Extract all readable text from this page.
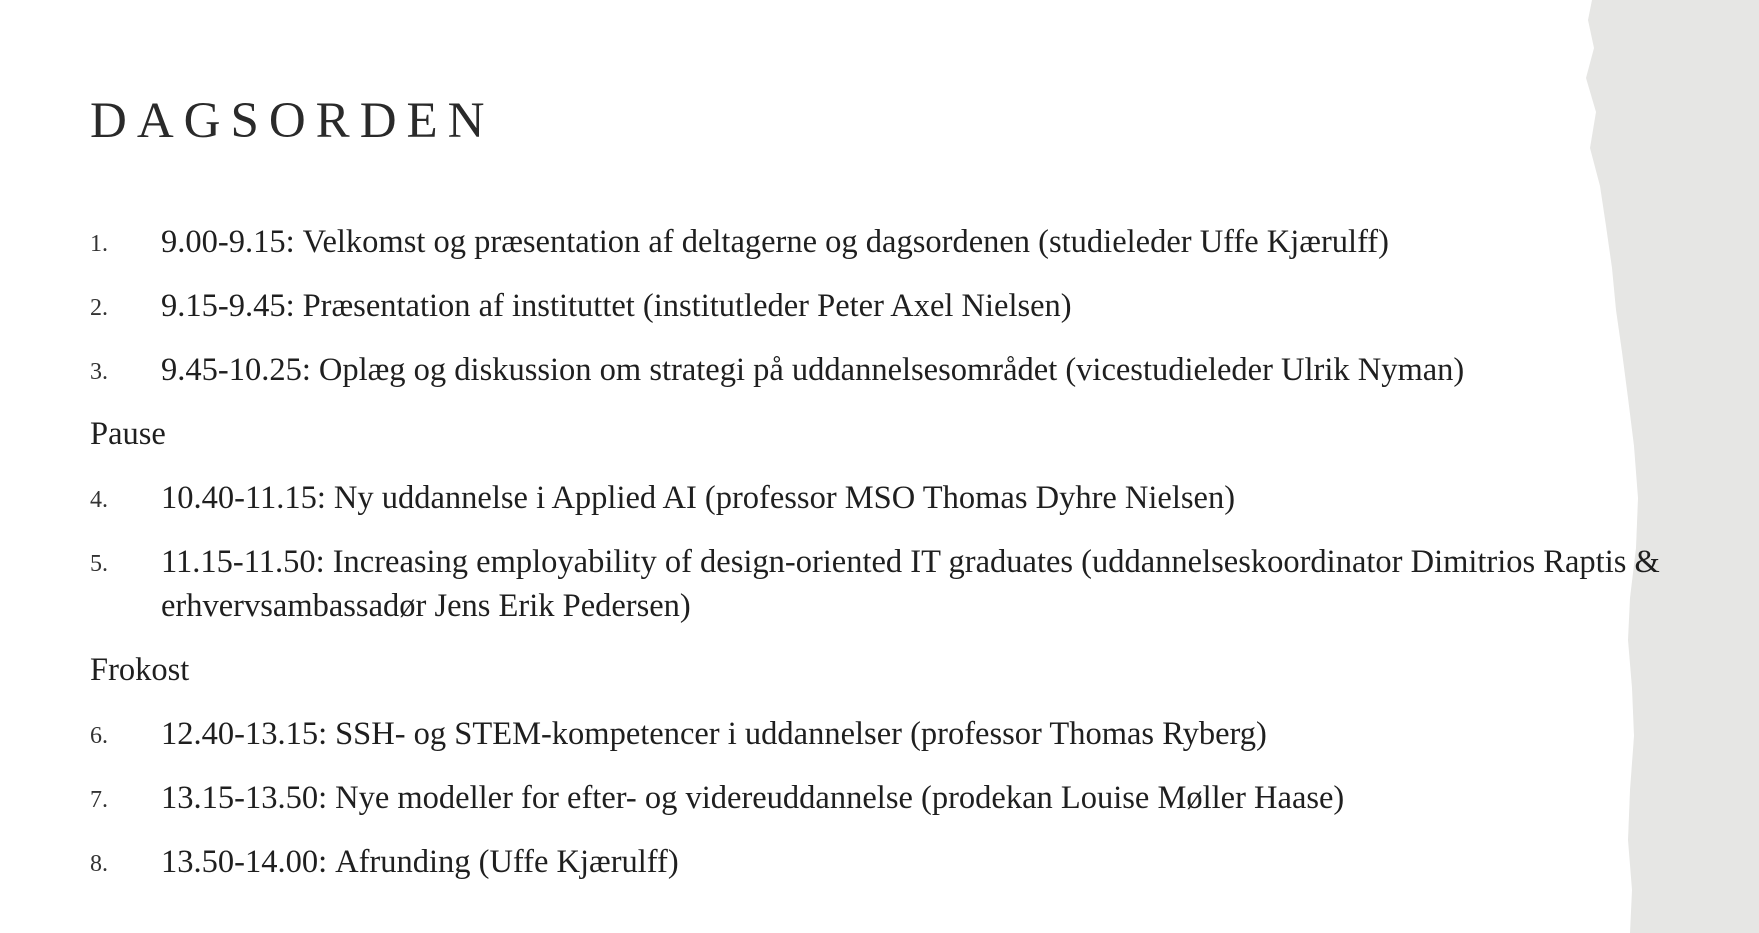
DAGSORDEN
1. 9.00-9.15: Velkomst og præsentation af deltagerne og dagsordenen (studieleder Uffe Kjærulff)
2. 9.15-9.45: Præsentation af instituttet (institutleder Peter Axel Nielsen)
3. 9.45-10.25: Oplæg og diskussion om strategi på uddannelsesområdet (vicestudieleder Ulrik Nyman)
Pause
4. 10.40-11.15: Ny uddannelse i Applied AI (professor MSO Thomas Dyhre Nielsen)
5. 11.15-11.50: Increasing employability of design-oriented IT graduates (uddannelseskoordinator Dimitrios Raptis & erhvervsambassadør Jens Erik Pedersen)
Frokost
6. 12.40-13.15: SSH- og STEM-kompetencer i uddannelser (professor Thomas Ryberg)
7. 13.15-13.50: Nye modeller for efter- og videreuddannelse (prodekan Louise Møller Haase)
8. 13.50-14.00: Afrunding (Uffe Kjærulff)
